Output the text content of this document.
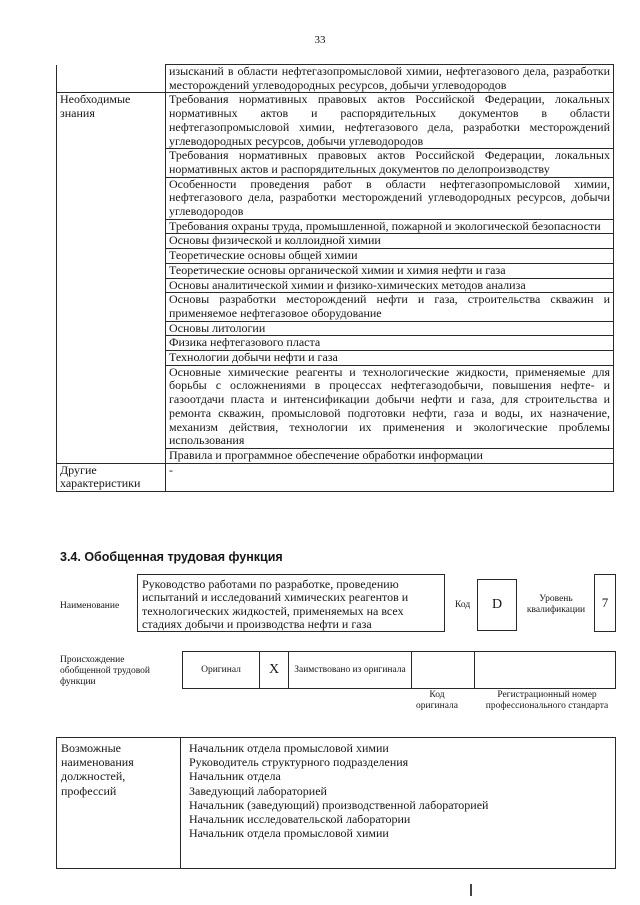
33
	изысканий в области нефтегазопромысловой химии, нефтегазового дела, разработки месторождений углеводородных ресурсов, добычи углеводородов
Необходимые знания	Требования нормативных правовых актов Российской Федерации, локальных нормативных актов и распорядительных документов в области нефтегазопромысловой химии, нефтегазового дела, разработки месторождений углеводородных ресурсов, добычи углеводородов
	Требования нормативных правовых актов Российской Федерации, локальных нормативных актов и распорядительных документов по делопроизводству
	Особенности проведения работ в области нефтегазопромысловой химии, нефтегазового дела, разработки месторождений углеводородных ресурсов, добычи углеводородов
	Требования охраны труда, промышленной, пожарной и экологической безопасности
	Основы физической и коллоидной химии
	Теоретические основы общей химии
	Теоретические основы органической химии и химия нефти и газа
	Основы аналитической химии и физико-химических методов анализа
	Основы разработки месторождений нефти и газа, строительства скважин и применяемое нефтегазовое оборудование
	Основы литологии
	Физика нефтегазового пласта
	Технологии добычи нефти и газа
	Основные химические реагенты и технологические жидкости, применяемые для борьбы с осложнениями в процессах нефтегазодобычи, повышения нефте- и газоотдачи пласта и интенсификации добычи нефти и газа, для строительства и ремонта скважин, промысловой подготовки нефти, газа и воды, их назначение, механизм действия, технологии их применения и экологические проблемы использования
	Правила и программное обеспечение обработки информации
Другие характеристики	-
3.4. Обобщенная трудовая функция
Наименование
Руководство работами по разработке, проведению испытаний и исследований химических реагентов и технологических жидкостей, применяемых на всех стадиях добычи и производства нефти и газа
Код	D	Уровень квалификации	7
Происхождение обобщенной трудовой функции
Оригинал	X	Заимствовано из оригинала		
Код оригинала
Регистрационный номер профессионального стандарта
Возможные наименования должностей, профессий	
Начальник отдела промысловой химии
Руководитель структурного подразделения
Начальник отдела
Заведующий лабораторией
Начальник (заведующий) производственной лабораторией
Начальник исследовательской лаборатории
Начальник отдела промысловой химии
